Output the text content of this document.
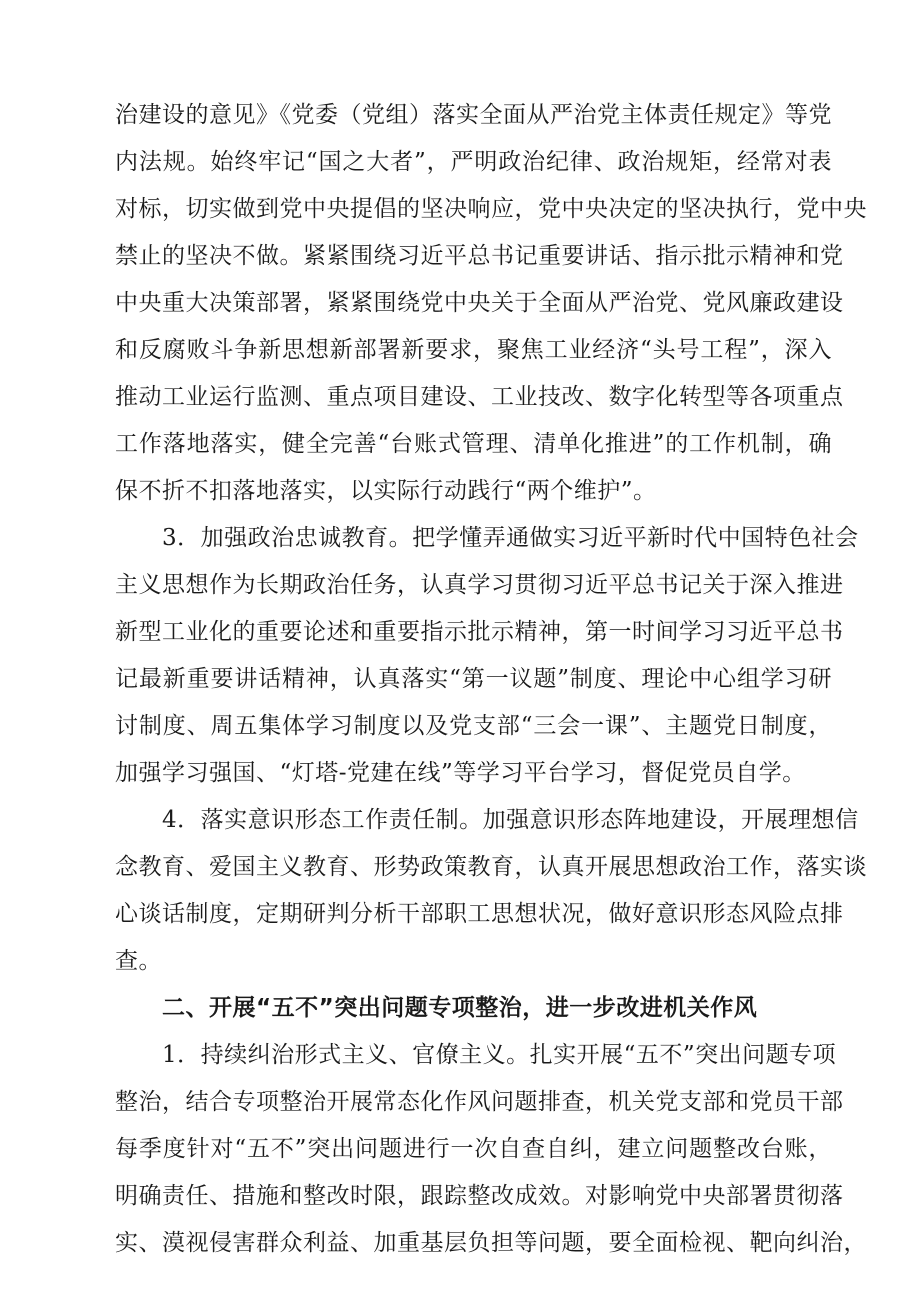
治建设的意见》《党委（党组）落实全面从严治党主体责任规定》等党
内法规。始终牢记“国之大者”，严明政治纪律、政治规矩，经常对表
对标，切实做到党中央提倡的坚决响应，党中央决定的坚决执行，党中央
禁止的坚决不做。紧紧围绕习近平总书记重要讲话、指示批示精神和党
中央重大决策部署，紧紧围绕党中央关于全面从严治党、党风廉政建设
和反腐败斗争新思想新部署新要求，聚焦工业经济“头号工程”，深入
推动工业运行监测、重点项目建设、工业技改、数字化转型等各项重点
工作落地落实，健全完善“台账式管理、清单化推进”的工作机制，确
保不折不扣落地落实，以实际行动践行“两个维护”。
3．加强政治忠诚教育。把学懂弄通做实习近平新时代中国特色社会
主义思想作为长期政治任务，认真学习贯彻习近平总书记关于深入推进
新型工业化的重要论述和重要指示批示精神，第一时间学习习近平总书
记最新重要讲话精神，认真落实“第一议题”制度、理论中心组学习研
讨制度、周五集体学习制度以及党支部“三会一课”、主题党日制度，
加强学习强国、“灯塔-党建在线”等学习平台学习，督促党员自学。
4．落实意识形态工作责任制。加强意识形态阵地建设，开展理想信
念教育、爱国主义教育、形势政策教育，认真开展思想政治工作，落实谈
心谈话制度，定期研判分析干部职工思想状况，做好意识形态风险点排
查。
二、开展“五不”突出问题专项整治，进一步改进机关作风
1．持续纠治形式主义、官僚主义。扎实开展“五不”突出问题专项
整治，结合专项整治开展常态化作风问题排查，机关党支部和党员干部
每季度针对“五不”突出问题进行一次自查自纠，建立问题整改台账，
明确责任、措施和整改时限，跟踪整改成效。对影响党中央部署贯彻落
实、漠视侵害群众利益、加重基层负担等问题，要全面检视、靶向纠治，
